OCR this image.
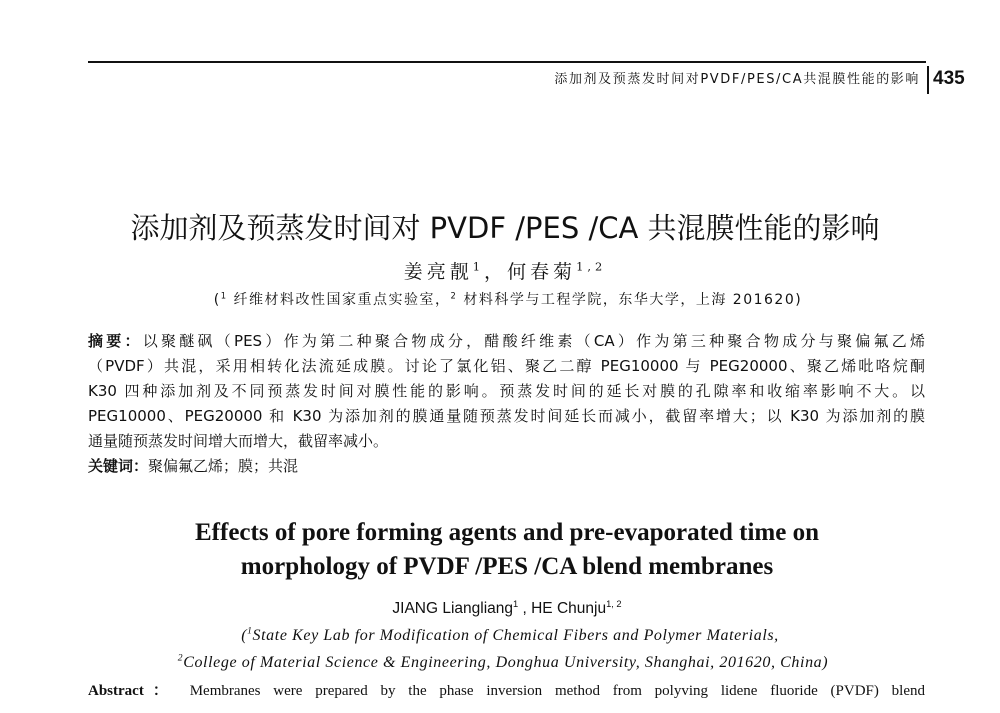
添加剂及预蒸发时间对PVDF/PES/CA共混膜性能的影响 435
添加剂及预蒸发时间对 PVDF /PES /CA 共混膜性能的影响
姜亮靓$^1$，何春菊$^{1,2}$
($^1$ 纤维材料改性国家重点实验室，$^2$ 材料科学与工程学院，东华大学，上海 201620)
摘要：以聚醚砜（PES）作为第二种聚合物成分，醋酸纤维素（CA）作为第三种聚合物成分与聚偏氟乙烯
（PVDF）共混，采用相转化法流延成膜。讨论了氯化铝、聚乙二醇 PEG10000 与 PEG20000、聚乙烯吡咯烷酮
K30 四种添加剂及不同预蒸发时间对膜性能的影响。预蒸发时间的延长对膜的孔隙率和收缩率影响不大。以
PEG10000、PEG20000 和 K30 为添加剂的膜通量随预蒸发时间延长而减小，截留率增大；以 K30 为添加剂的膜
通量随预蒸发时间增大而增大，截留率减小。
关键词：聚偏氟乙烯；膜；共混
Effects of pore forming agents and pre-evaporated time on
morphology of PVDF /PES /CA blend membranes
JIANG Liangliang$^1$ , HE Chunju$^{1, 2}$
($^1$State Key Lab for Modification of Chemical Fibers and Polymer Materials,
$^2$College of Material Science & Engineering, Donghua University, Shanghai, 201620, China)
Abstract： Membranes were prepared by the phase inversion method from polyving lidene fluoride (PVDF) blend
